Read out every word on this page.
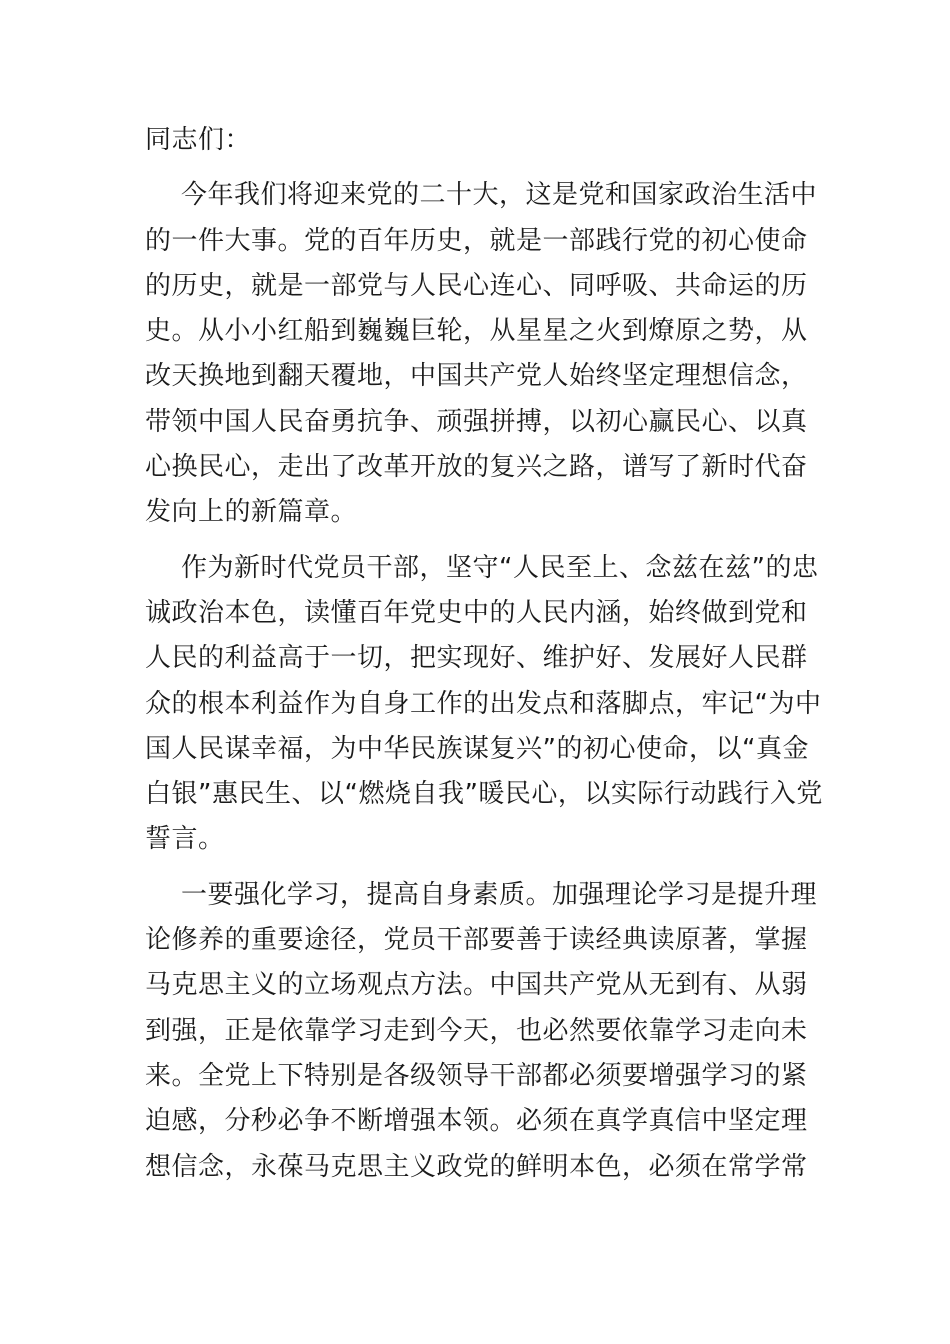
同志们：
今年我们将迎来党的二十大，这是党和国家政治生活中
的一件大事。党的百年历史，就是一部践行党的初心使命
的历史，就是一部党与人民心连心、同呼吸、共命运的历
史。从小小红船到巍巍巨轮，从星星之火到燎原之势，从
改天换地到翻天覆地，中国共产党人始终坚定理想信念，
带领中国人民奋勇抗争、顽强拼搏，以初心赢民心、以真
心换民心，走出了改革开放的复兴之路，谱写了新时代奋
发向上的新篇章。
作为新时代党员干部，坚守“人民至上、念兹在兹”的忠
诚政治本色，读懂百年党史中的人民内涵，始终做到党和
人民的利益高于一切，把实现好、维护好、发展好人民群
众的根本利益作为自身工作的出发点和落脚点，牢记“为中
国人民谋幸福，为中华民族谋复兴”的初心使命，以“真金
白银”惠民生、以“燃烧自我”暖民心，以实际行动践行入党
誓言。
一要强化学习，提高自身素质。加强理论学习是提升理
论修养的重要途径，党员干部要善于读经典读原著，掌握
马克思主义的立场观点方法。中国共产党从无到有、从弱
到强，正是依靠学习走到今天，也必然要依靠学习走向未
来。全党上下特别是各级领导干部都必须要增强学习的紧
迫感，分秒必争不断增强本领。必须在真学真信中坚定理
想信念，永葆马克思主义政党的鲜明本色，必须在常学常
